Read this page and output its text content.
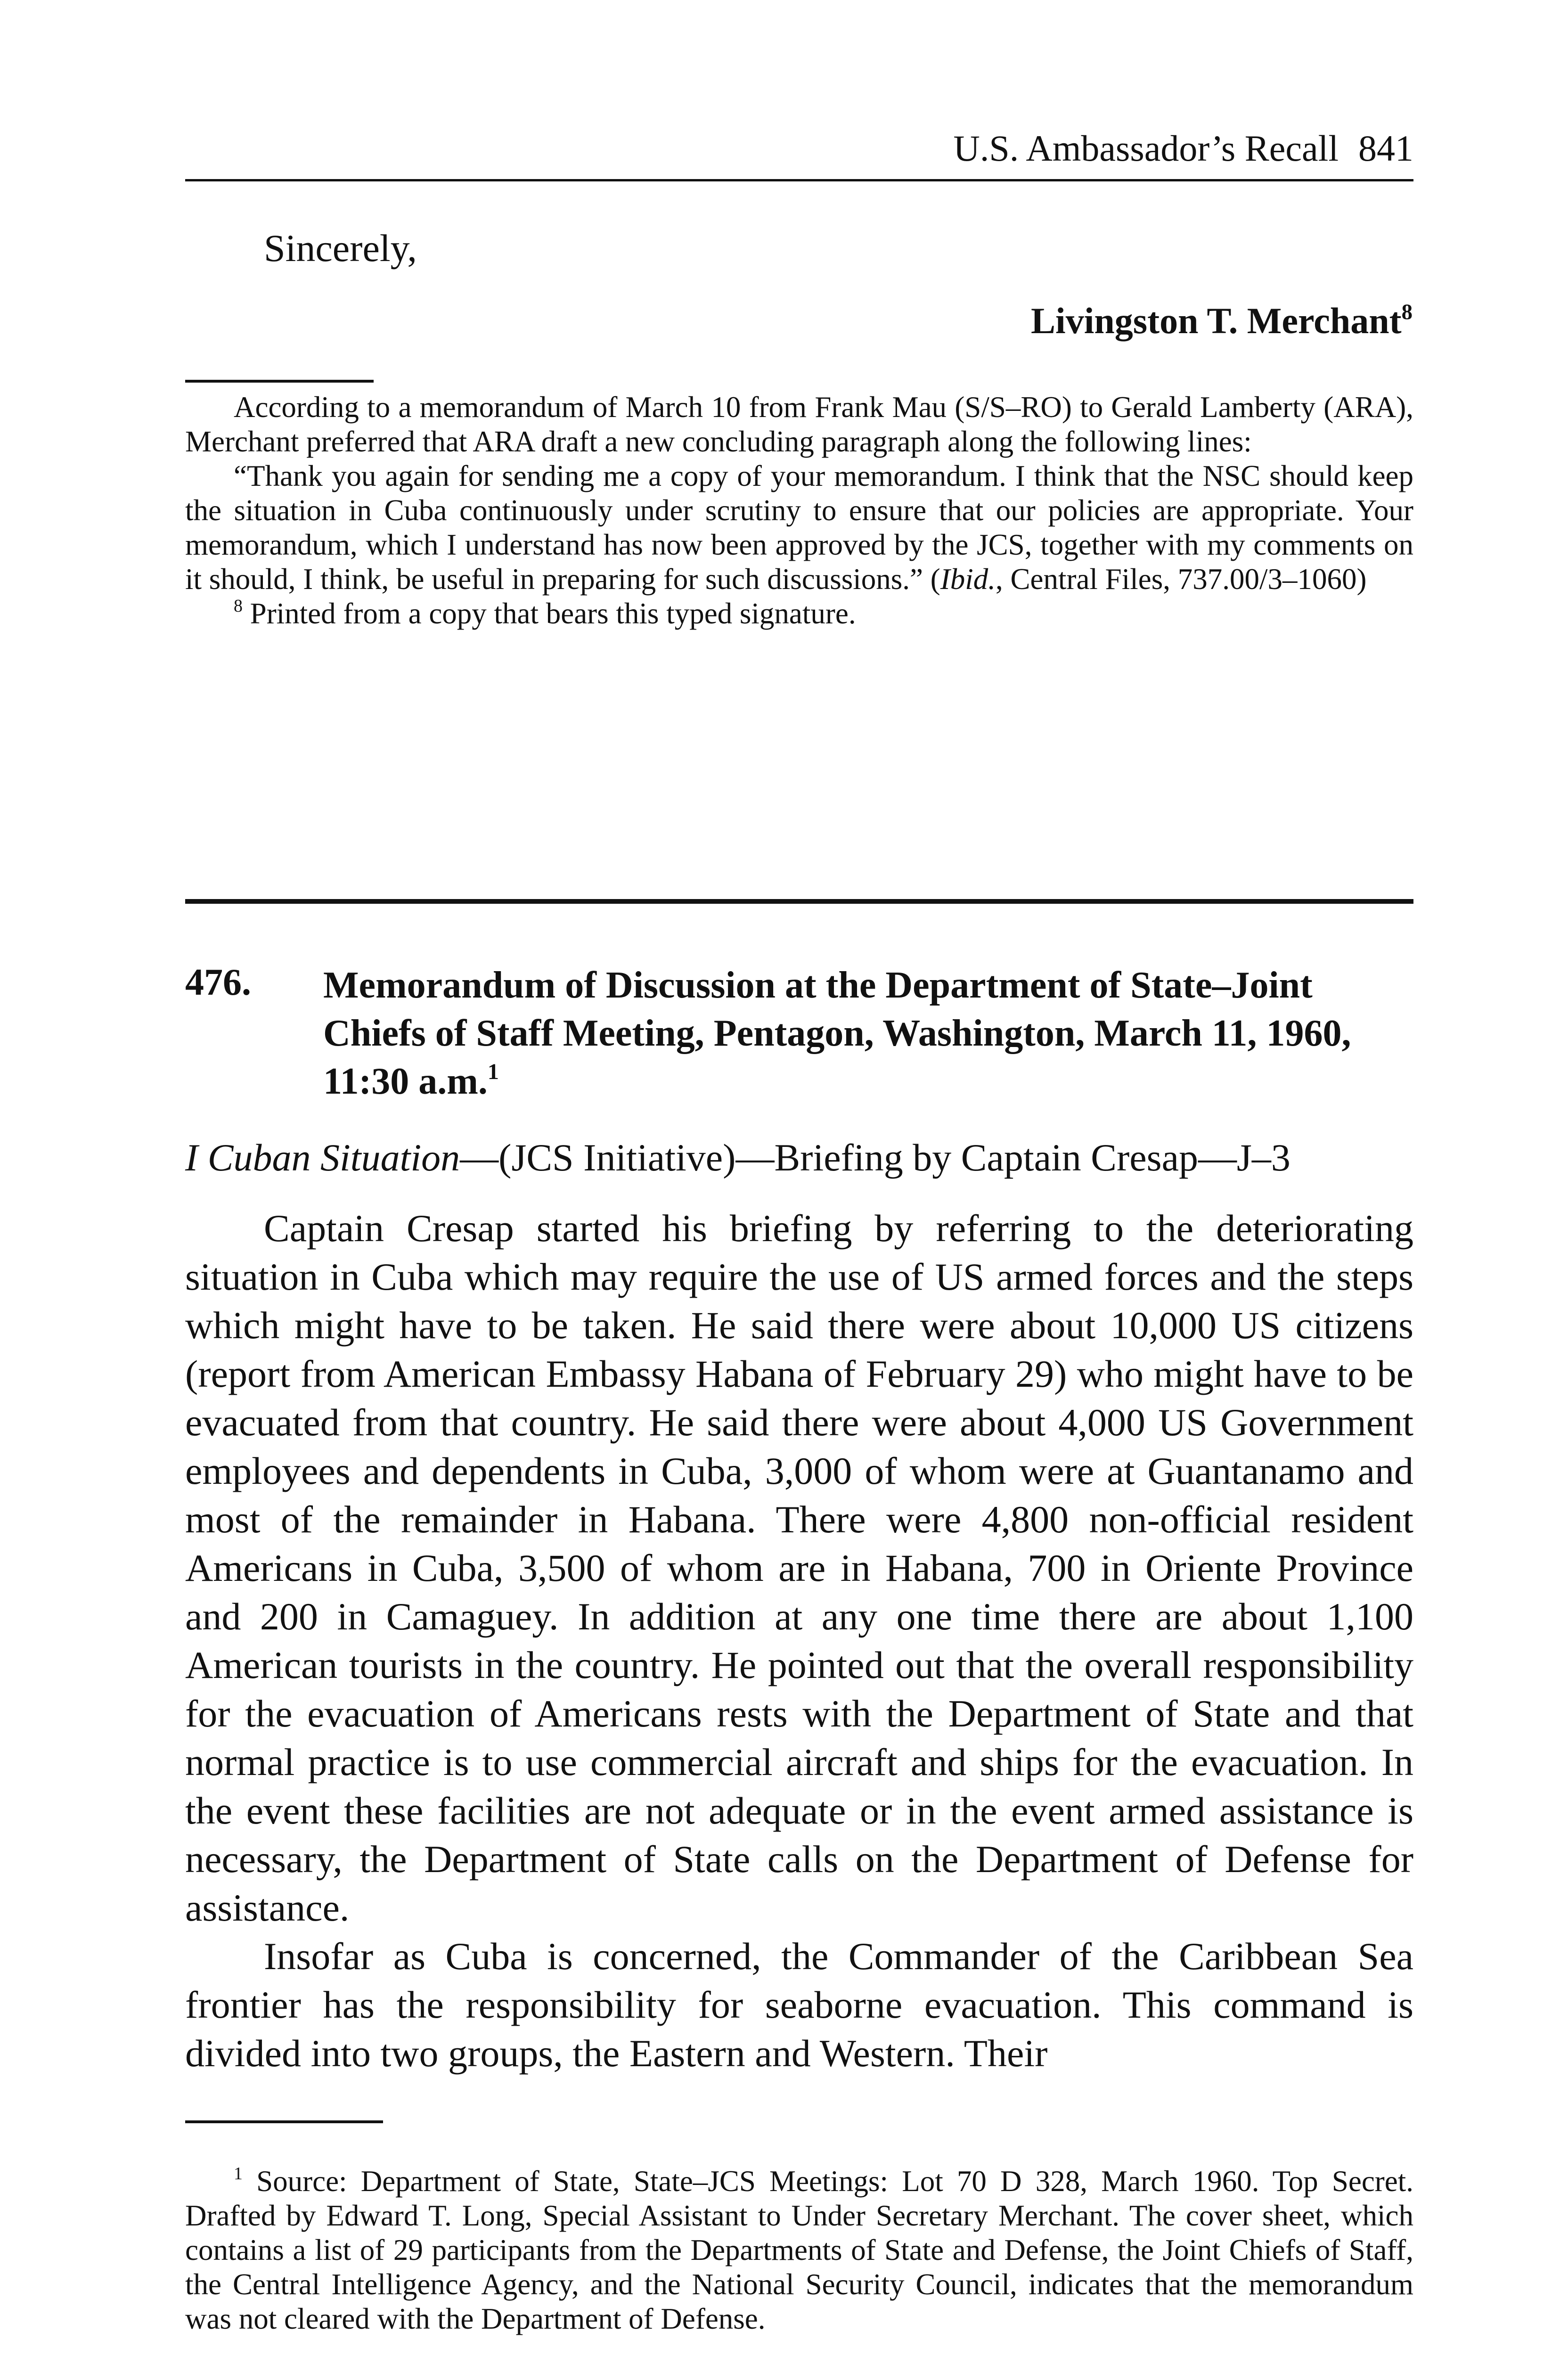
U.S. Ambassador’s Recall 841
Sincerely,
Livingston T. Merchant$^8$

According to a memorandum of March 10 from Frank Mau (S/S–RO) to Gerald Lamberty (ARA), Merchant preferred that ARA draft a new concluding paragraph along the following lines:

“Thank you again for sending me a copy of your memorandum. I think that the NSC should keep the situation in Cuba continuously under scrutiny to ensure that our policies are appropriate. Your memorandum, which I understand has now been approved by the JCS, together with my comments on it should, I think, be useful in preparing for such discussions.” (Ibid., Central Files, 737.00/3–1060)

$^8$ Printed from a copy that bears this typed signature.

476. Memorandum of Discussion at the Department of State–Joint Chiefs of Staff Meeting, Pentagon, Washington, March 11, 1960, 11:30 a.m.$^1$
I Cuban Situation—(JCS Initiative)—Briefing by Captain Cresap—J–3

Captain Cresap started his briefing by referring to the deteriorating situation in Cuba which may require the use of US armed forces and the steps which might have to be taken. He said there were about 10,000 US citizens (report from American Embassy Habana of February 29) who might have to be evacuated from that country. He said there were about 4,000 US Government employees and dependents in Cuba, 3,000 of whom were at Guantanamo and most of the remainder in Habana. There were 4,800 non-official resident Americans in Cuba, 3,500 of whom are in Habana, 700 in Oriente Province and 200 in Camaguey. In addition at any one time there are about 1,100 American tourists in the country. He pointed out that the overall responsibility for the evacuation of Americans rests with the Department of State and that normal practice is to use commercial aircraft and ships for the evacuation. In the event these facilities are not adequate or in the event armed assistance is necessary, the Department of State calls on the Department of Defense for assistance.

Insofar as Cuba is concerned, the Commander of the Caribbean Sea frontier has the responsibility for seaborne evacuation. This command is divided into two groups, the Eastern and Western. Their

$^1$ Source: Department of State, State–JCS Meetings: Lot 70 D 328, March 1960. Top Secret. Drafted by Edward T. Long, Special Assistant to Under Secretary Merchant. The cover sheet, which contains a list of 29 participants from the Departments of State and Defense, the Joint Chiefs of Staff, the Central Intelligence Agency, and the National Security Council, indicates that the memorandum was not cleared with the Department of Defense.
